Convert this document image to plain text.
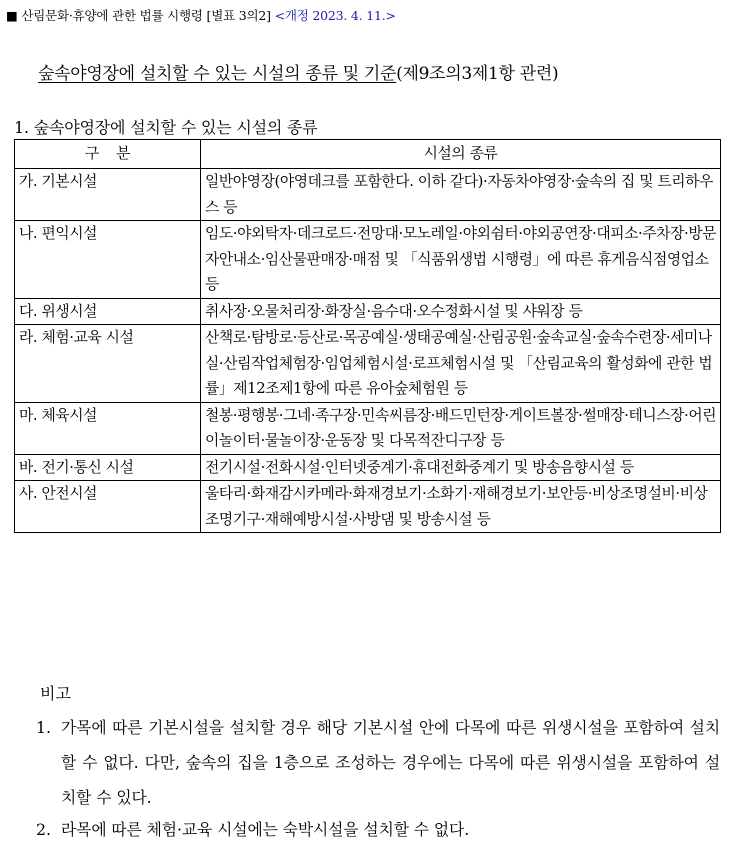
■ 산림문화·휴양에 관한 법률 시행령 [별표 3의2] <개정 2023. 4. 11.>
숲속야영장에 설치할 수 있는 시설의 종류 및 기준(제9조의3제1항 관련)
1. 숲속야영장에 설치할 수 있는 시설의 종류
구    분	시설의 종류
가. 기본시설	일반야영장(야영데크를 포함한다. 이하 같다)·자동차야영장·숲속의 집 및 트리하우스 등
나. 편익시설	임도·야외탁자·데크로드·전망대·모노레일·야외쉼터·야외공연장·대피소·주차장·방문자안내소·임산물판매장·매점 및 「식품위생법 시행령」에 따른 휴게음식점영업소 등
다. 위생시설	취사장·오물처리장·화장실·음수대·오수정화시설 및 샤워장 등
라. 체험·교육 시설	산책로·탐방로·등산로·목공예실·생태공예실·산림공원·숲속교실·숲속수련장·세미나실·산림작업체험장·임업체험시설·로프체험시설 및 「산림교육의 활성화에 관한 법률」제12조제1항에 따른 유아숲체험원 등
마. 체육시설	철봉·평행봉·그네·족구장·민속씨름장·배드민턴장·게이트볼장·썰매장·테니스장·어린이놀이터·물놀이장·운동장 및 다목적잔디구장 등
바. 전기·통신 시설	전기시설·전화시설·인터넷중계기·휴대전화중계기 및 방송음향시설 등
사. 안전시설	울타리·화재감시카메라·화재경보기·소화기·재해경보기·보안등·비상조명설비·비상조명기구·재해예방시설·사방댐 및 방송시설 등
비고
1. 가목에 따른 기본시설을 설치할 경우 해당 기본시설 안에 다목에 따른 위생시설을 포함하여 설치할 수 없다. 다만, 숲속의 집을 1층으로 조성하는 경우에는 다목에 따른 위생시설을 포함하여 설치할 수 있다.
2. 라목에 따른 체험·교육 시설에는 숙박시설을 설치할 수 없다.
